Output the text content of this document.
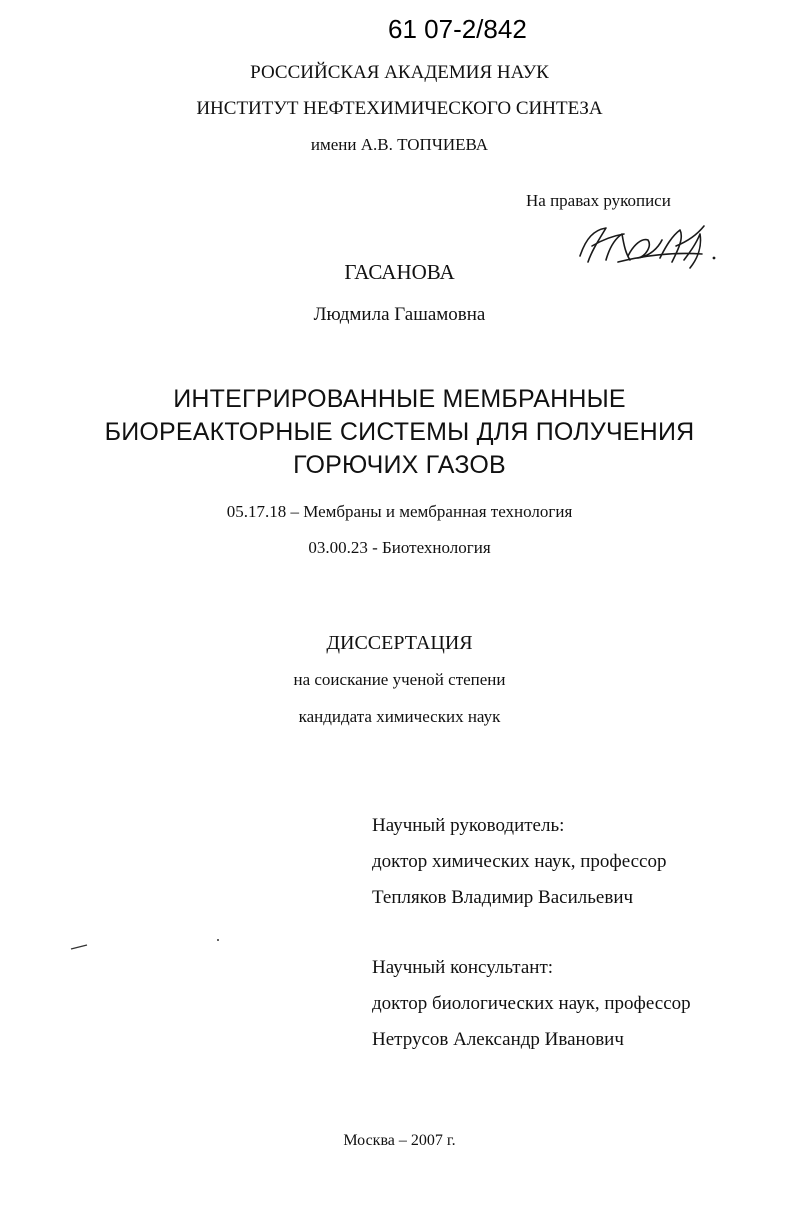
61 07-2/842
РОССИЙСКАЯ АКАДЕМИЯ НАУК
ИНСТИТУТ НЕФТЕХИМИЧЕСКОГО СИНТЕЗА
имени А.В. ТОПЧИЕВА
На правах рукописи
ГАСАНОВА
Людмила Гашамовна
ИНТЕГРИРОВАННЫЕ МЕМБРАННЫЕ
БИОРЕАКТОРНЫЕ СИСТЕМЫ ДЛЯ ПОЛУЧЕНИЯ
ГОРЮЧИХ ГАЗОВ
05.17.18 – Мембраны и мембранная технология
03.00.23 - Биотехнология
ДИССЕРТАЦИЯ
на соискание ученой степени
кандидата химических наук
Научный руководитель:
доктор химических наук, профессор
Тепляков Владимир Васильевич
Научный консультант:
доктор биологических наук, профессор
Нетрусов Александр Иванович
Москва – 2007 г.
